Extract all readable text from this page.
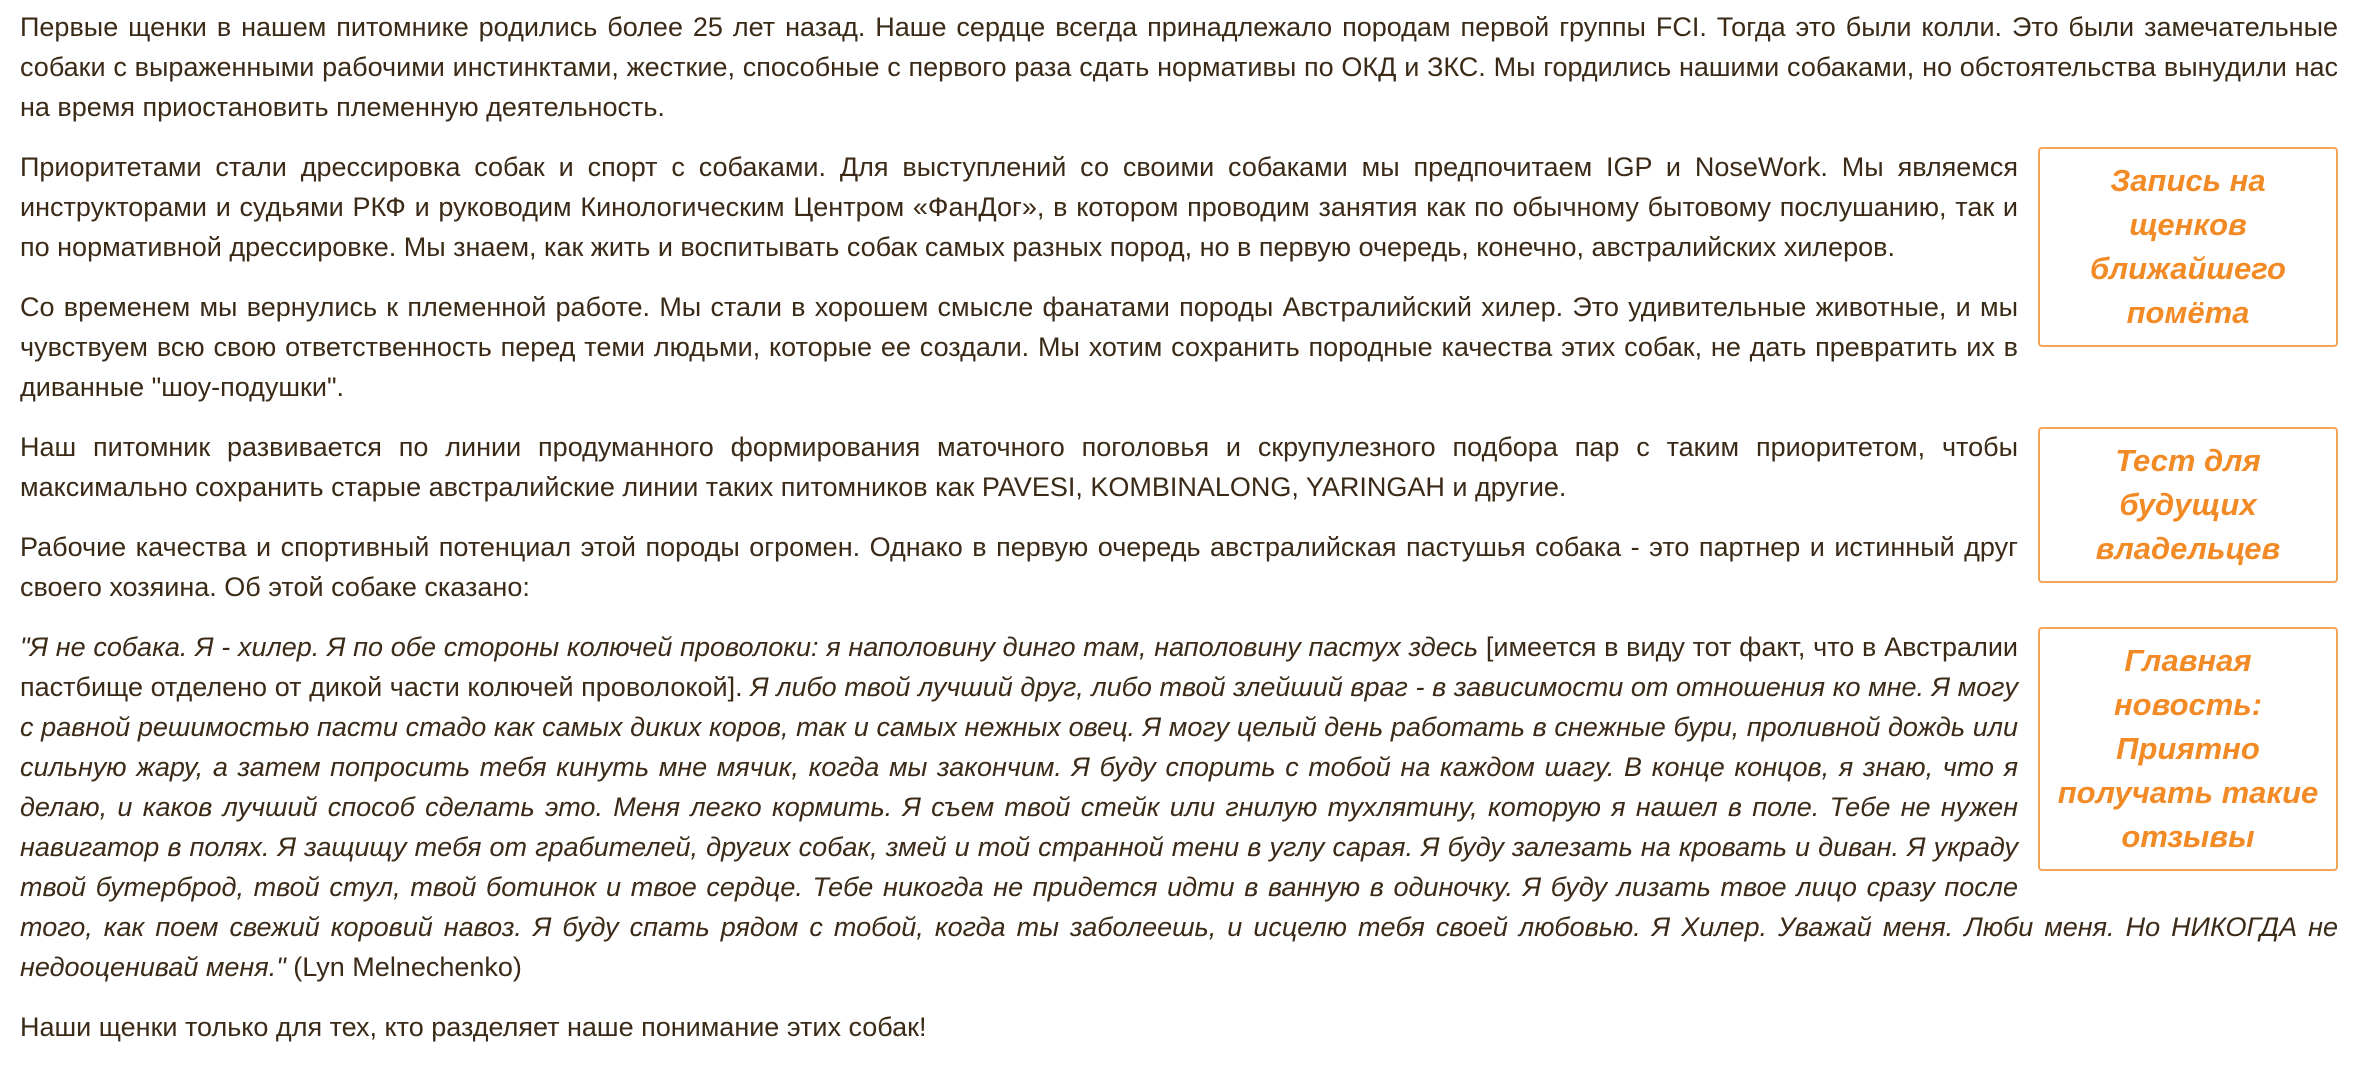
Первые щенки в нашем питомнике родились более 25 лет назад. Наше сердце всегда принадлежало породам первой группы FCI. Тогда это были колли. Это были замечательные собаки с выраженными рабочими инстинктами, жесткие, способные с первого раза сдать нормативы по ОКД и ЗКС. Мы гордились нашими собаками, но обстоятельства вынудили нас на время приостановить племенную деятельность.

Запись на щенков ближайшего помёта

Приоритетами стали дрессировка собак и спорт с собаками. Для выступлений со своими собаками мы предпочитаем IGP и NoseWork. Мы являемся инструкторами и судьями РКФ и руководим Кинологическим Центром «ФанДог», в котором проводим занятия как по обычному бытовому послушанию, так и по нормативной дрессировке. Мы знаем, как жить и воспитывать собак самых разных пород, но в первую очередь, конечно, австралийских хилеров.

Со временем мы вернулись к племенной работе. Мы стали в хорошем смысле фанатами породы Австралийский хилер. Это удивительные животные, и мы чувствуем всю свою ответственность перед теми людьми, которые ее создали. Мы хотим сохранить породные качества этих собак, не дать превратить их в диванные "шоу-подушки".

Тест для будущих владельцев

Наш питомник развивается по линии продуманного формирования маточного поголовья и скрупулезного подбора пар с таким приоритетом, чтобы максимально сохранить старые австралийские линии таких питомников как PAVESI, KOMBINALONG, YARINGAH и другие.

Рабочие качества и спортивный потенциал этой породы огромен. Однако в первую очередь австралийская пастушья собака - это партнер и истинный друг своего хозяина. Об этой собаке сказано:

Главная новость: Приятно получать такие отзывы

"Я не собака. Я - хилер. Я по обе стороны колючей проволоки: я наполовину динго там, наполовину пастух здесь [имеется в виду тот факт, что в Австралии пастбище отделено от дикой части колючей проволокой]. Я либо твой лучший друг, либо твой злейший враг - в зависимости от отношения ко мне. Я могу с равной решимостью пасти стадо как самых диких коров, так и самых нежных овец. Я могу целый день работать в снежные бури, проливной дождь или сильную жару, а затем попросить тебя кинуть мне мячик, когда мы закончим. Я буду спорить с тобой на каждом шагу. В конце концов, я знаю, что я делаю, и каков лучший способ сделать это. Меня легко кормить. Я съем твой стейк или гнилую тухлятину, которую я нашел в поле. Тебе не нужен навигатор в полях. Я защищу тебя от грабителей, других собак, змей и той странной тени в углу сарая. Я буду залезать на кровать и диван. Я украду твой бутерброд, твой стул, твой ботинок и твое сердце. Тебе никогда не придется идти в ванную в одиночку. Я буду лизать твое лицо сразу после того, как поем свежий коровий навоз. Я буду спать рядом с тобой, когда ты заболеешь, и исцелю тебя своей любовью. Я Хилер. Уважай меня. Люби меня. Но НИКОГДА не недооценивай меня." (Lyn Melnechenko)

Наши щенки только для тех, кто разделяет наше понимание этих собак!
